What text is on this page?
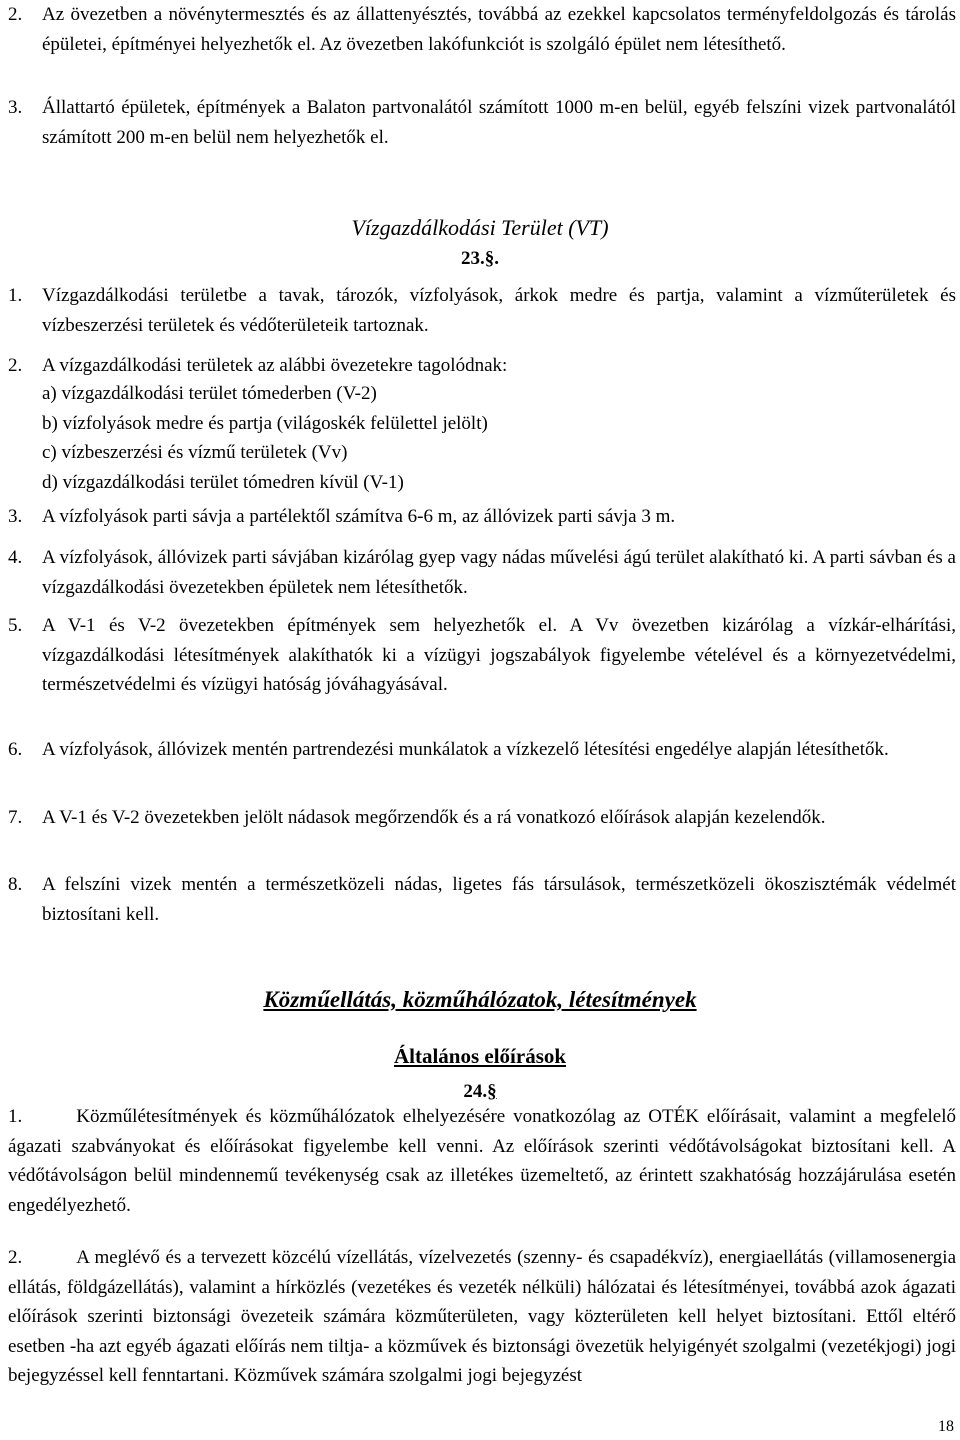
2. Az övezetben a növénytermesztés és az állattenyésztés, továbbá az ezekkel kapcsolatos terményfeldolgozás és tárolás épületei, építményei helyezhetők el. Az övezetben lakófunkciót is szolgáló épület nem létesíthető.
3. Állattartó épületek, építmények a Balaton partvonalától számított 1000 m-en belül, egyéb felszíni vizek partvonalától számított 200 m-en belül nem helyezhetők el.
Vízgazdálkodási Terület (VT)
23.§.
1. Vízgazdálkodási területbe a tavak, tározók, vízfolyások, árkok medre és partja, valamint a vízműterületek és vízbeszerzési területek és védőterületeik tartoznak.
2. A vízgazdálkodási területek az alábbi övezetekre tagolódnak:
a) vízgazdálkodási terület tómederben (V-2)
b) vízfolyások medre és partja (világoskék felülettel jelölt)
c) vízbeszerzési és vízmű területek (Vv)
d) vízgazdálkodási terület tómedren kívül (V-1)
3. A vízfolyások parti sávja a partélektől számítva 6-6 m, az állóvizek parti sávja 3 m.
4. A vízfolyások, állóvizek parti sávjában kizárólag gyep vagy nádas művelési ágú terület alakítható ki. A parti sávban és a vízgazdálkodási övezetekben épületek nem létesíthetők.
5. A V-1 és V-2 övezetekben építmények sem helyezhetők el. A Vv övezetben kizárólag a vízkár-elhárítási, vízgazdálkodási létesítmények alakíthatók ki a vízügyi jogszabályok figyelembe vételével és a környezetvédelmi, természetvédelmi és vízügyi hatóság jóváhagyásával.
6. A vízfolyások, állóvizek mentén partrendezési munkálatok a vízkezelő létesítési engedélye alapján létesíthetők.
7. A V-1 és V-2 övezetekben jelölt nádasok megőrzendők és a rá vonatkozó előírások alapján kezelendők.
8. A felszíni vizek mentén a természetközeli nádas, ligetes fás társulások, természetközeli ökoszisztémák védelmét biztosítani kell.
Közműellátás, közműhálózatok, létesítmények
Általános előírások
24.§
1.	Közműlétesítmények és közműhálózatok elhelyezésére vonatkozólag az OTÉK előírásait, valamint a megfelelő ágazati szabványokat és előírásokat figyelembe kell venni. Az előírások szerinti védőtávolságokat biztosítani kell. A védőtávolságon belül mindennemű tevékenység csak az illetékes üzemeltető, az érintett szakhatóság hozzájárulása esetén engedélyezhető.
2.	A meglévő és a tervezett közcélú vízellátás, vízelvezetés (szenny- és csapadékvíz), energiaellátás (villamosenergia ellátás, földgázellátás), valamint a hírközlés (vezetékes és vezeték nélküli) hálózatai és létesítményei, továbbá azok ágazati előírások szerinti biztonsági övezeteik számára közműterületen, vagy közterületen kell helyet biztosítani. Ettől eltérő esetben -ha azt egyéb ágazati előírás nem tiltja- a közművek és biztonsági övezetük helyigényét szolgalmi (vezetékjogi) jogi bejegyzéssel kell fenntartani. Közművek számára szolgalmi jogi bejegyzést
18
